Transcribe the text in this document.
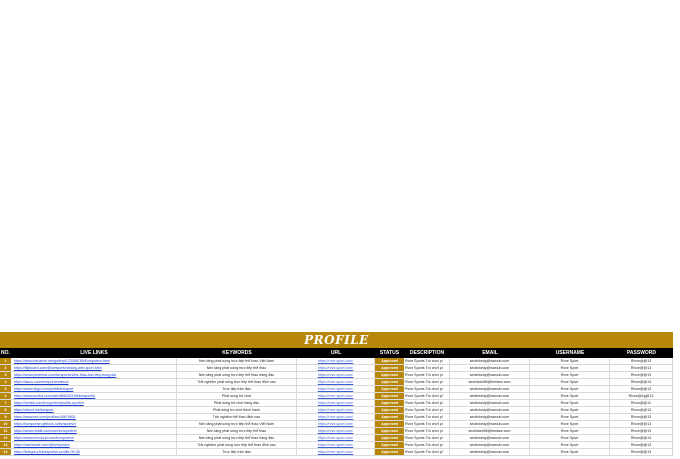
PROFILE
NO.	LIVE LINKS	KEYWORDS	URL	STATUS	DESCRIPTION	EMAIL	USERNAME	PASSWORD
1	https://www.behance.net/gallery/123456789/Kvrsportvn.html	Nền tảng phát sóng trực tiếp thể thao Việt Nam	https://rvve-sport.com/	Approved	Rvve Sports Trò chơi pl	seolinkedy@wwoub.com	Rvve Sport	Rlvve@@13
2	https://flipboard.com/@kvrsportvn/trang-web-sport.html	Nền tảng phát sóng trực tiếp thể thao	https://rvve-sport.com/	Approved	Rvve Sports Trò chơi pl	seolinkedy@wwoub.com	Rvve Sport	Rlvve@@13
3	https://www.pinterest.com/kvrsportvn/the-thao-truc-tiep-bong-da/	Nền tảng phát sóng trực tiếp thể thao hàng đầu	https://rvve-sport.com/	Approved	Rvve Sports Trò chơi pl	seolinkedy@wwoub.com	Rvve Sport	Rlvve@@13
4	https://issuu.com/kvrsportvn/about	Trải nghiệm phát sóng trực tiếp thể thao đỉnh cao	https://rvve-sport.com/	Approved	Rvve Sports Trò chơi pl	seolinked96@fselase.com	Rvve Sport	Rlvve@@13
5	https://www.diigo.com/profile/kvrsport	Trực tiếp trận đấu	https://rvve-sport.com/	Approved	Rvve Sports Trò chơi pl	seolinkedy@wwoub.com	Rvve Sport	Rlvve@@13
6	https://www.scribd.com/user/865432198/kvrsportvn	Phát sóng trò chơi	https://rvve-sport.com/	Approved	Rvve Sports Trò chơi pl	seolinkedy@wwoub.com	Rvve Sport	Rlvve@Ag@13
7	https://tumblr.com/kvrsportvn/profile-sportvn	Phát sóng trò chơi hàng đầu	https://rvve-sport.com/	Approved	Rvve Sports Trò chơi pl	seolinkedy@wwoub.com	Rvve Sport	Rlvve@@12
8	https://about.me/kvrsport	Phát sóng trò chơi thịnh hành	https://rvve-sport.com/	Approved	Rvve Sports Trò chơi pl	seolinkedy@wwoub.com	Rvve Sport	Rlvve@@13
9	https://www.ted.com/profiles/45678901	Trải nghiệm thể thao đỉnh cao	https://rvve-sport.com/	Approved	Rvve Sports Trò chơi pl	seolinkedy@wwoub.com	Rvve Sport	Rlvve@@13
10	https://kvrsportvn.gitbook.io/kvrsportvn/	Nền tảng phát sóng trực tiếp thể thao Việt Nam	https://rvve-sport.com/	Approved	Rvve Sports Trò chơi pl	seolinkedy@wwoub.com	Rvve Sport	Rlvve@@13
11	https://www.reddit.com/user/kvrsportvn/	Nền tảng phát sóng trực tiếp thể thao	https://rvve-sport.com/	Approved	Rvve Sports Trò chơi pl	seolinked96@fselase.com	Rvve Sport	Rlvve@@13
12	https://www.mixcloud.com/kvrsportvn/	Nền tảng phát sóng trực tiếp thể thao hàng đầu	https://rvve-sport.com/	Approved	Rvve Sports Trò chơi pl	seolinkedy@wwoub.com	Rvve Sport	Rlvve@@13
13	https://hashnode.com/@kvrsportvn	Trải nghiệm phát sóng trực tiếp thể thao đỉnh cao	https://rvve-sport.com/	Approved	Rvve Sports Trò chơi pl	seolinkedy@wwoub.com	Rvve Sport	Rlvve@@13
14	https://telegra.ph/kvrsportvn-profile-09-05	Trực tiếp trận đấu	https://rvve-sport.com/	Approved	Rvve Sports Trò chơi pl	seolinkedy@wwoub.com	Rvve Sport	Rlvve@@13
